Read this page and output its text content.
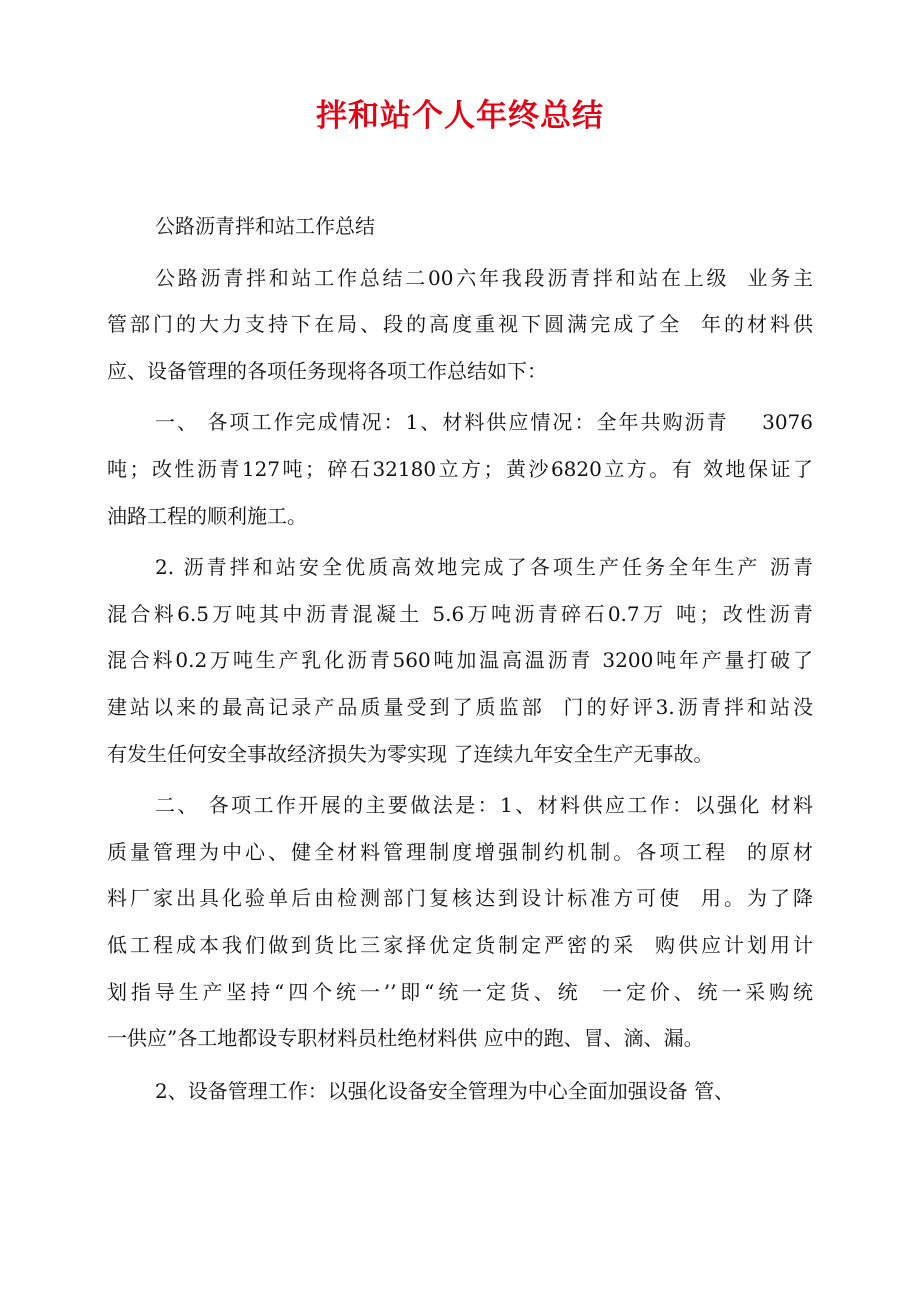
拌和站个人年终总结
公路沥青拌和站工作总结
公路沥青拌和站工作总结二00六年我段沥青拌和站在上级  业务主
管部门的大力支持下在局、段的高度重视下圆满完成了全  年的材料供
应、设备管理的各项任务现将各项工作总结如下：
一、 各项工作完成情况：1、材料供应情况：全年共购沥青    3076
吨；改性沥青127吨；碎石32180立方；黄沙6820立方。有 效地保证了
油路工程的顺利施工。
2. 沥青拌和站安全优质高效地完成了各项生产任务全年生产 沥青
混合料6.5万吨其中沥青混凝土 5.6万吨沥青碎石0.7万 吨；改性沥青
混合料0.2万吨生产乳化沥青560吨加温高温沥青 3200吨年产量打破了
建站以来的最高记录产品质量受到了质监部  门的好评3.沥青拌和站没
有发生任何安全事故经济损失为零实现 了连续九年安全生产无事故。
二、 各项工作开展的主要做法是：1、材料供应工作：以强化 材料
质量管理为中心、健全材料管理制度增强制约机制。各项工程  的原材
料厂家出具化验单后由检测部门复核达到设计标准方可使  用。为了降
低工程成本我们做到货比三家择优定货制定严密的采  购供应计划用计
划指导生产坚持“四个统一’’即“统一定货、统  一定价、统一采购统
一供应”各工地都设专职材料员杜绝材料供 应中的跑、冒、滴、漏。
2、设备管理工作：以强化设备安全管理为中心全面加强设备 管、
